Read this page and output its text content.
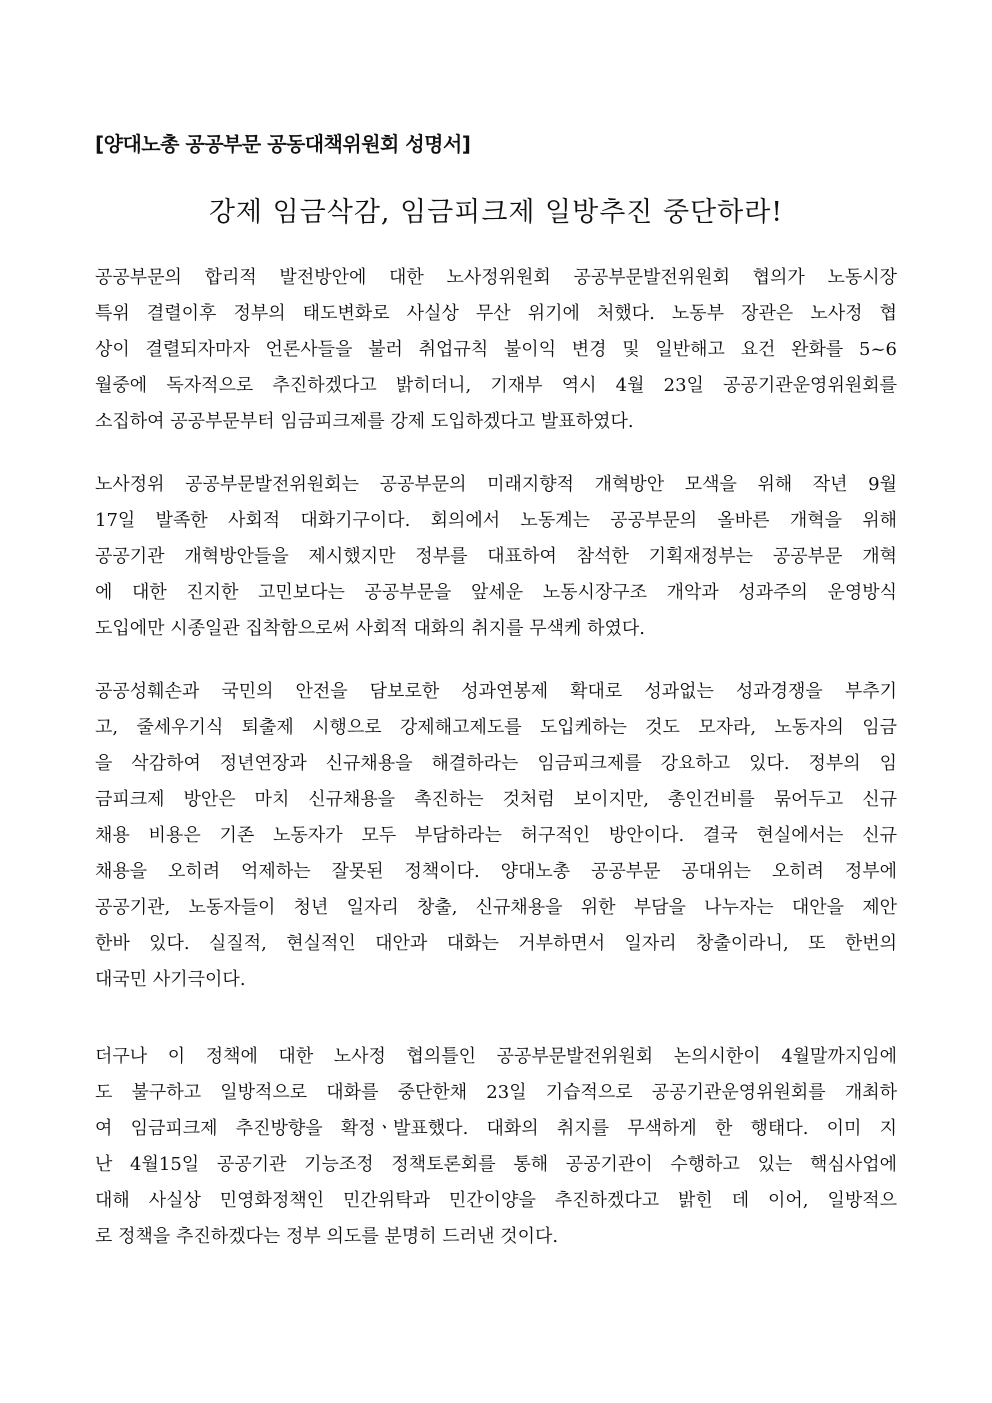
[양대노총 공공부문 공동대책위원회 성명서]
강제 임금삭감, 임금피크제 일방추진 중단하라!
공공부문의 합리적 발전방안에 대한 노사정위원회 공공부문발전위원회 협의가 노동시장
특위 결렬이후 정부의 태도변화로 사실상 무산 위기에 처했다. 노동부 장관은 노사정 협
상이 결렬되자마자 언론사들을 불러 취업규칙 불이익 변경 및 일반해고 요건 완화를 5~6
월중에 독자적으로 추진하겠다고 밝히더니, 기재부 역시 4월 23일 공공기관운영위원회를
소집하여 공공부문부터 임금피크제를 강제 도입하겠다고 발표하였다.
노사정위 공공부문발전위원회는 공공부문의 미래지향적 개혁방안 모색을 위해 작년 9월
17일 발족한 사회적 대화기구이다. 회의에서 노동계는 공공부문의 올바른 개혁을 위해
공공기관 개혁방안들을 제시했지만 정부를 대표하여 참석한 기획재정부는 공공부문 개혁
에 대한 진지한 고민보다는 공공부문을 앞세운 노동시장구조 개악과 성과주의 운영방식
도입에만 시종일관 집착함으로써 사회적 대화의 취지를 무색케 하였다.
공공성훼손과 국민의 안전을 담보로한 성과연봉제 확대로 성과없는 성과경쟁을 부추기
고, 줄세우기식 퇴출제 시행으로 강제해고제도를 도입케하는 것도 모자라, 노동자의 임금
을 삭감하여 정년연장과 신규채용을 해결하라는 임금피크제를 강요하고 있다. 정부의 임
금피크제 방안은 마치 신규채용을 촉진하는 것처럼 보이지만, 총인건비를 묶어두고 신규
채용 비용은 기존 노동자가 모두 부담하라는 허구적인 방안이다. 결국 현실에서는 신규
채용을 오히려 억제하는 잘못된 정책이다. 양대노총 공공부문 공대위는 오히려 정부에
공공기관, 노동자들이 청년 일자리 창출, 신규채용을 위한 부담을 나누자는 대안을 제안
한바 있다. 실질적, 현실적인 대안과 대화는 거부하면서 일자리 창출이라니, 또 한번의
대국민 사기극이다.
더구나 이 정책에 대한 노사정 협의틀인 공공부문발전위원회 논의시한이 4월말까지임에
도 불구하고 일방적으로 대화를 중단한채 23일 기습적으로 공공기관운영위원회를 개최하
여 임금피크제 추진방향을 확정ㆍ발표했다. 대화의 취지를 무색하게 한 행태다. 이미 지
난 4월15일 공공기관 기능조정 정책토론회를 통해 공공기관이 수행하고 있는 핵심사업에
대해 사실상 민영화정책인 민간위탁과 민간이양을 추진하겠다고 밝힌 데 이어, 일방적으
로 정책을 추진하겠다는 정부 의도를 분명히 드러낸 것이다.
